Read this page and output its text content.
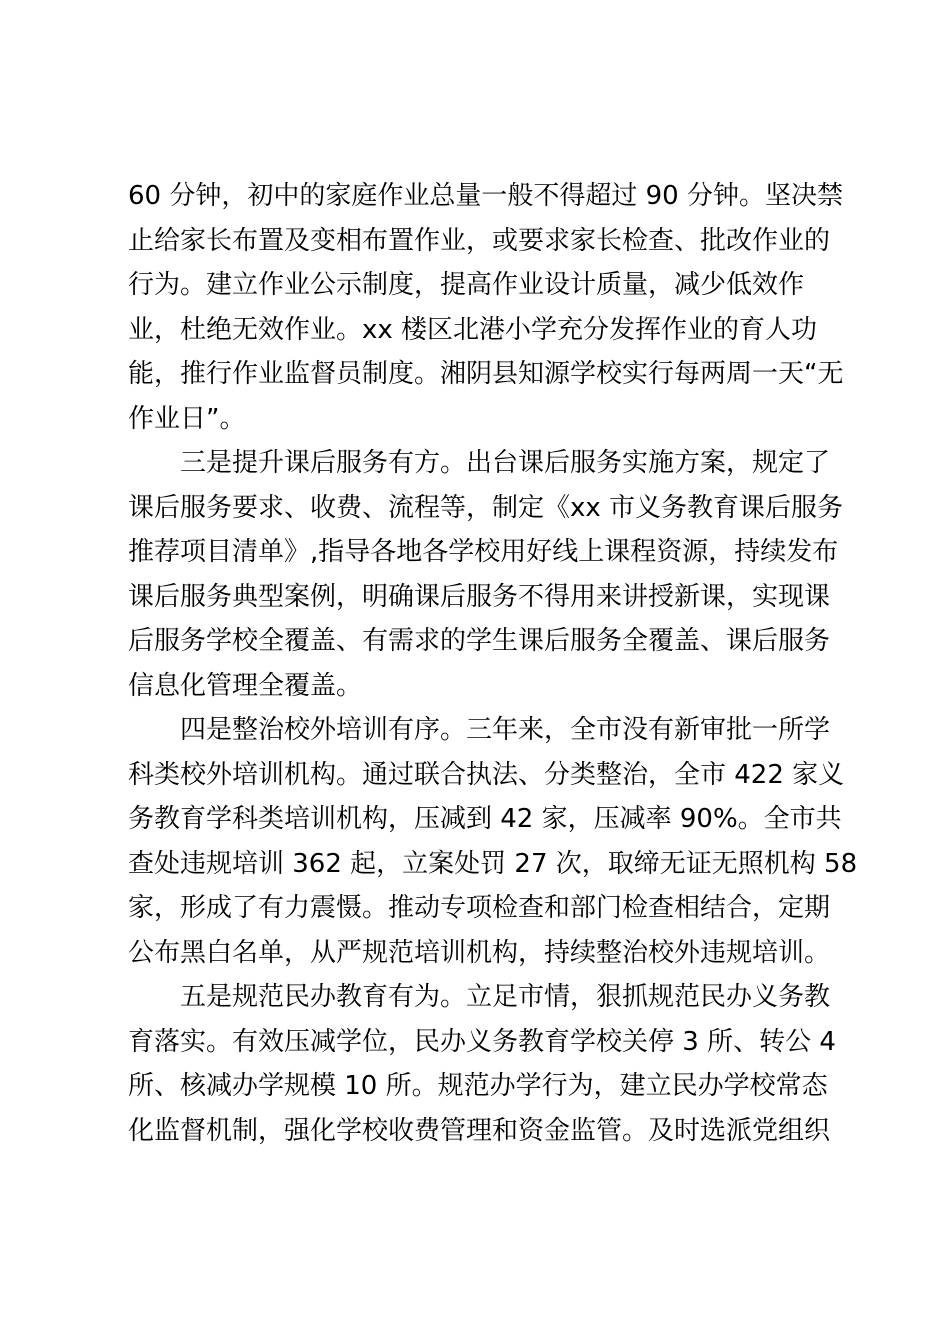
60 分钟，初中的家庭作业总量一般不得超过 90 分钟。坚决禁
止给家长布置及变相布置作业，或要求家长检查、批改作业的
行为。建立作业公示制度，提高作业设计质量，减少低效作
业，杜绝无效作业。xx 楼区北港小学充分发挥作业的育人功
能，推行作业监督员制度。湘阴县知源学校实行每两周一天“无
作业日”。
　　三是提升课后服务有方。出台课后服务实施方案，规定了
课后服务要求、收费、流程等，制定《xx 市义务教育课后服务
推荐项目清单》,指导各地各学校用好线上课程资源，持续发布
课后服务典型案例，明确课后服务不得用来讲授新课，实现课
后服务学校全覆盖、有需求的学生课后服务全覆盖、课后服务
信息化管理全覆盖。
　　四是整治校外培训有序。三年来，全市没有新审批一所学
科类校外培训机构。通过联合执法、分类整治，全市 422 家义
务教育学科类培训机构，压减到 42 家，压减率 90%。全市共
查处违规培训 362 起，立案处罚 27 次，取缔无证无照机构 58
家，形成了有力震慑。推动专项检查和部门检查相结合，定期
公布黑白名单，从严规范培训机构，持续整治校外违规培训。
　　五是规范民办教育有为。立足市情，狠抓规范民办义务教
育落实。有效压减学位，民办义务教育学校关停 3 所、转公 4
所、核减办学规模 10 所。规范办学行为，建立民办学校常态
化监督机制，强化学校收费管理和资金监管。及时选派党组织
